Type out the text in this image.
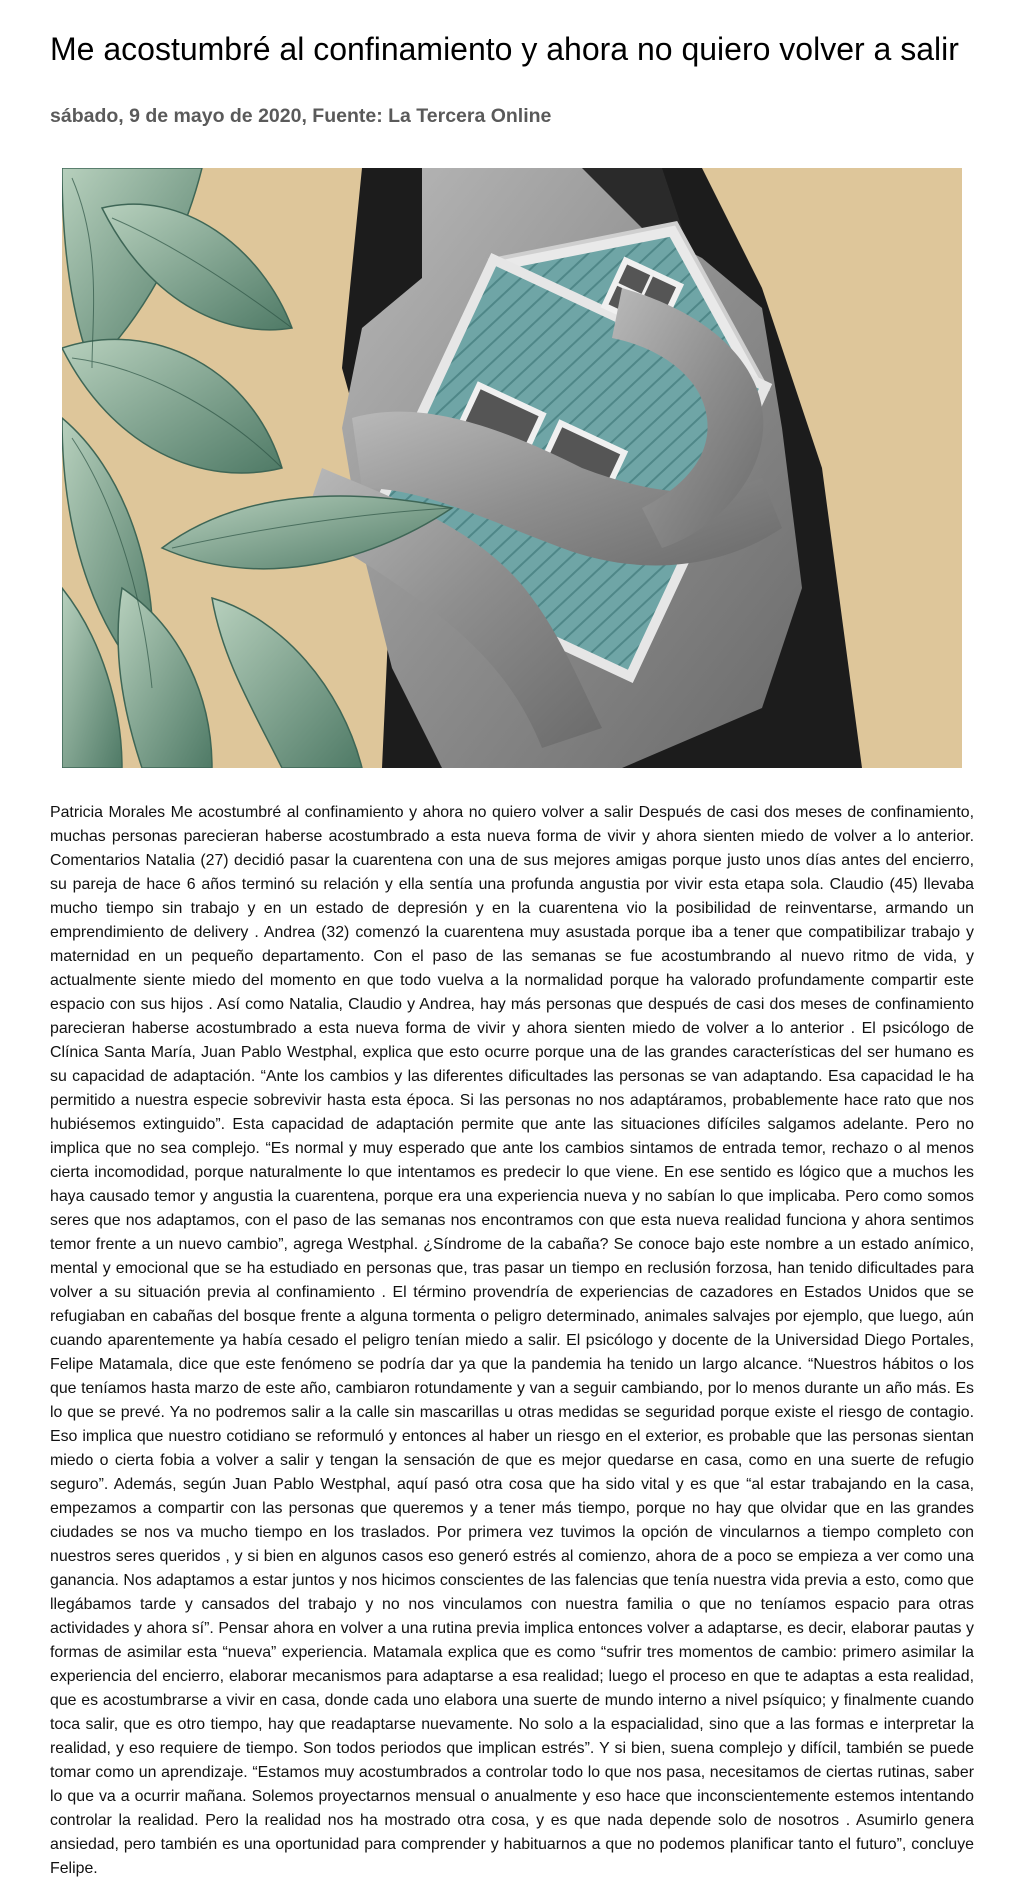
Me acostumbré al confinamiento y ahora no quiero volver a salir
sábado, 9 de mayo de 2020, Fuente: La Tercera Online
Patricia Morales Me acostumbré al confinamiento y ahora no quiero volver a salir Después de casi dos meses de confinamiento, muchas personas parecieran haberse acostumbrado a esta nueva forma de vivir y ahora sienten miedo de volver a lo anterior. Comentarios Natalia (27) decidió pasar la cuarentena con una de sus mejores amigas porque justo unos días antes del encierro, su pareja de hace 6 años terminó su relación y ella sentía una profunda angustia por vivir esta etapa sola. Claudio (45) llevaba mucho tiempo sin trabajo y en un estado de depresión y en la cuarentena vio la posibilidad de reinventarse, armando un emprendimiento de delivery . Andrea (32) comenzó la cuarentena muy asustada porque iba a tener que compatibilizar trabajo y maternidad en un pequeño departamento. Con el paso de las semanas se fue acostumbrando al nuevo ritmo de vida, y actualmente siente miedo del momento en que todo vuelva a la normalidad porque ha valorado profundamente compartir este espacio con sus hijos . Así como Natalia, Claudio y Andrea, hay más personas que después de casi dos meses de confinamiento parecieran haberse acostumbrado a esta nueva forma de vivir y ahora sienten miedo de volver a lo anterior . El psicólogo de Clínica Santa María, Juan Pablo Westphal, explica que esto ocurre porque una de las grandes características del ser humano es su capacidad de adaptación. “Ante los cambios y las diferentes dificultades las personas se van adaptando. Esa capacidad le ha permitido a nuestra especie sobrevivir hasta esta época. Si las personas no nos adaptáramos, probablemente hace rato que nos hubiésemos extinguido”. Esta capacidad de adaptación permite que ante las situaciones difíciles salgamos adelante. Pero no implica que no sea complejo. “Es normal y muy esperado que ante los cambios sintamos de entrada temor, rechazo o al menos cierta incomodidad, porque naturalmente lo que intentamos es predecir lo que viene. En ese sentido es lógico que a muchos les haya causado temor y angustia la cuarentena, porque era una experiencia nueva y no sabían lo que implicaba. Pero como somos seres que nos adaptamos, con el paso de las semanas nos encontramos con que esta nueva realidad funciona y ahora sentimos temor frente a un nuevo cambio”, agrega Westphal. ¿Síndrome de la cabaña? Se conoce bajo este nombre a un estado anímico, mental y emocional que se ha estudiado en personas que, tras pasar un tiempo en reclusión forzosa, han tenido dificultades para volver a su situación previa al confinamiento . El término provendría de experiencias de cazadores en Estados Unidos que se refugiaban en cabañas del bosque frente a alguna tormenta o peligro determinado, animales salvajes por ejemplo, que luego, aún cuando aparentemente ya había cesado el peligro tenían miedo a salir. El psicólogo y docente de la Universidad Diego Portales, Felipe Matamala, dice que este fenómeno se podría dar ya que la pandemia ha tenido un largo alcance. “Nuestros hábitos o los que teníamos hasta marzo de este año, cambiaron rotundamente y van a seguir cambiando, por lo menos durante un año más. Es lo que se prevé. Ya no podremos salir a la calle sin mascarillas u otras medidas se seguridad porque existe el riesgo de contagio. Eso implica que nuestro cotidiano se reformuló y entonces al haber un riesgo en el exterior, es probable que las personas sientan miedo o cierta fobia a volver a salir y tengan la sensación de que es mejor quedarse en casa, como en una suerte de refugio seguro”. Además, según Juan Pablo Westphal, aquí pasó otra cosa que ha sido vital y es que “al estar trabajando en la casa, empezamos a compartir con las personas que queremos y a tener más tiempo, porque no hay que olvidar que en las grandes ciudades se nos va mucho tiempo en los traslados. Por primera vez tuvimos la opción de vincularnos a tiempo completo con nuestros seres queridos , y si bien en algunos casos eso generó estrés al comienzo, ahora de a poco se empieza a ver como una ganancia. Nos adaptamos a estar juntos y nos hicimos conscientes de las falencias que tenía nuestra vida previa a esto, como que llegábamos tarde y cansados del trabajo y no nos vinculamos con nuestra familia o que no teníamos espacio para otras actividades y ahora sí”. Pensar ahora en volver a una rutina previa implica entonces volver a adaptarse, es decir, elaborar pautas y formas de asimilar esta “nueva” experiencia. Matamala explica que es como “sufrir tres momentos de cambio: primero asimilar la experiencia del encierro, elaborar mecanismos para adaptarse a esa realidad; luego el proceso en que te adaptas a esta realidad, que es acostumbrarse a vivir en casa, donde cada uno elabora una suerte de mundo interno a nivel psíquico; y finalmente cuando toca salir, que es otro tiempo, hay que readaptarse nuevamente. No solo a la espacialidad, sino que a las formas e interpretar la realidad, y eso requiere de tiempo. Son todos periodos que implican estrés”. Y si bien, suena complejo y difícil, también se puede tomar como un aprendizaje. “Estamos muy acostumbrados a controlar todo lo que nos pasa, necesitamos de ciertas rutinas, saber lo que va a ocurrir mañana. Solemos proyectarnos mensual o anualmente y eso hace que inconscientemente estemos intentando controlar la realidad. Pero la realidad nos ha mostrado otra cosa, y es que nada depende solo de nosotros . Asumirlo genera ansiedad, pero también es una oportunidad para comprender y habituarnos a que no podemos planificar tanto el futuro”, concluye Felipe.
